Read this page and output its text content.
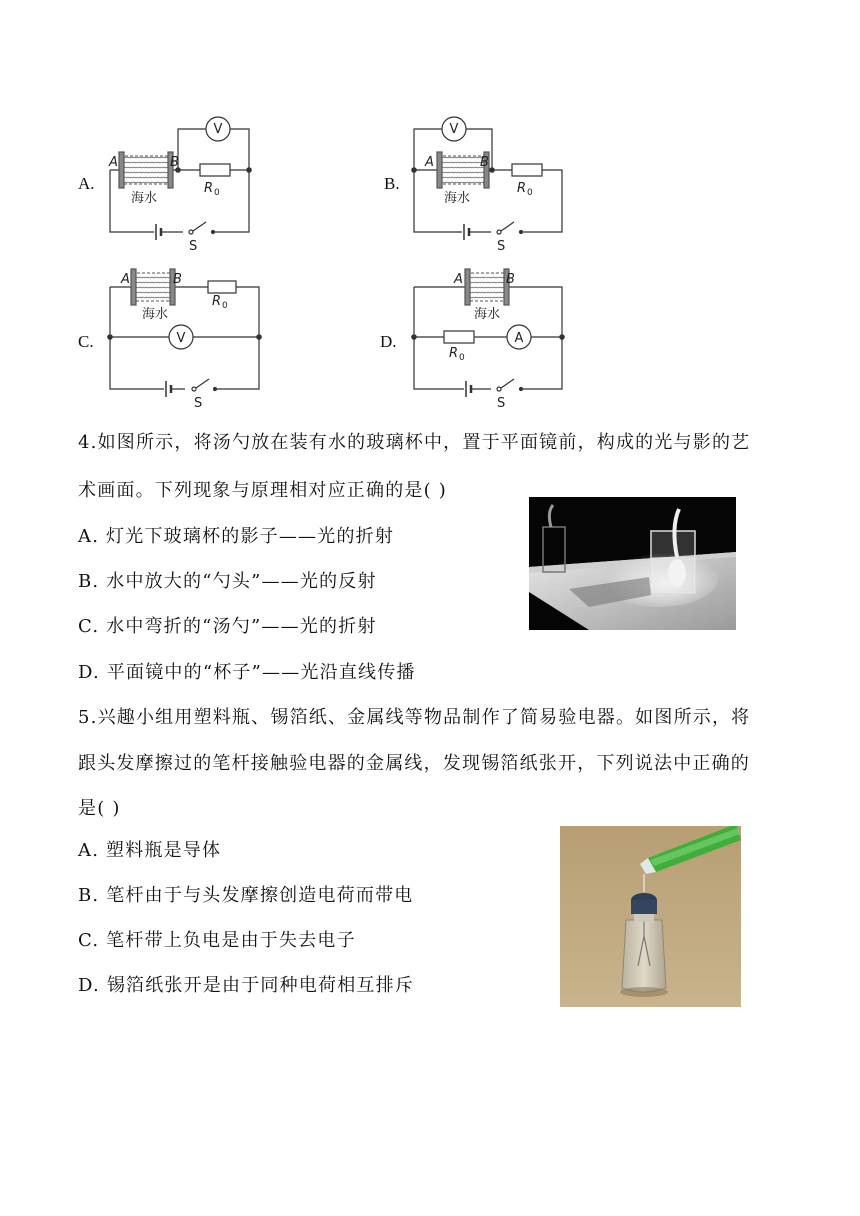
A.	B.
C.	D.
A	B
海水
V
R 0
S
A	B
海水
V
R 0
S
A	B
海水
R 0
V
S
A	B
海水
R 0
A
S
4.如图所示，将汤勺放在装有水的玻璃杯中，置于平面镜前，构成的光与影的艺
术画面。下列现象与原理相对应正确的是( )
A. 灯光下玻璃杯的影子——光的折射
B. 水中放大的“勺头”——光的反射
C. 水中弯折的“汤勺”——光的折射
D. 平面镜中的“杯子”——光沿直线传播
5.兴趣小组用塑料瓶、锡箔纸、金属线等物品制作了简易验电器。如图所示，将
跟头发摩擦过的笔杆接触验电器的金属线，发现锡箔纸张开，下列说法中正确的
是( )
A. 塑料瓶是导体
B. 笔杆由于与头发摩擦创造电荷而带电
C. 笔杆带上负电是由于失去电子
D. 锡箔纸张开是由于同种电荷相互排斥
